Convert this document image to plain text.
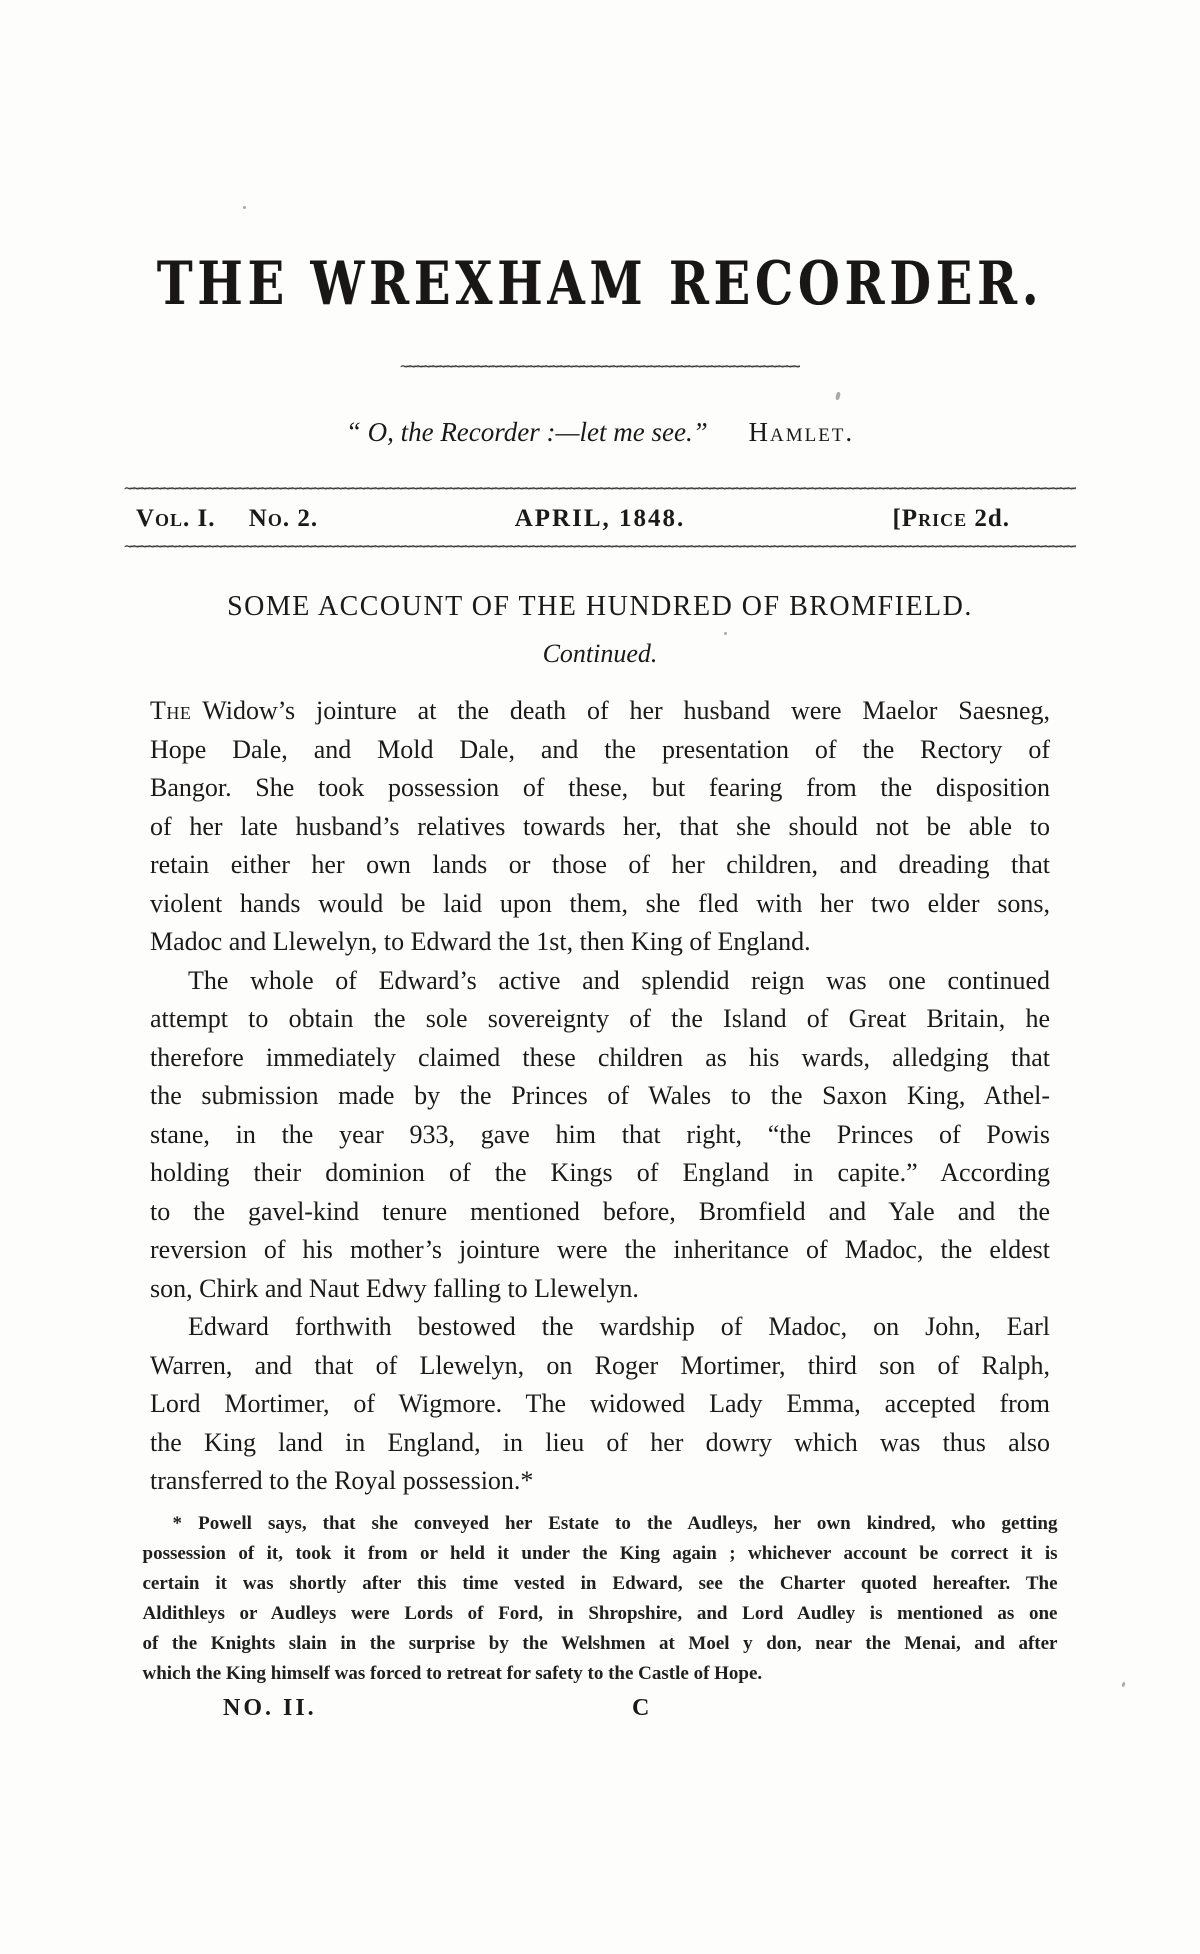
THE WREXHAM RECORDER.
~~~~~ ~~~~~
“ O, the Recorder :—let me see.” Hamlet.
~~~~~ ~~~~~
Vol. I. No. 2.	APRIL, 1848.	[Price 2d.
~~~~~ ~~~~~
SOME ACCOUNT OF THE HUNDRED OF BROMFIELD.
Continued.
The Widow’s jointure at the death of her husband were Maelor Saesneg,
Hope Dale, and Mold Dale, and the presentation of the Rectory of
Bangor. She took possession of these, but fearing from the disposition
of her late husband’s relatives towards her, that she should not be able to
retain either her own lands or those of her children, and dreading that
violent hands would be laid upon them, she fled with her two elder sons,
Madoc and Llewelyn, to Edward the 1st, then King of England.
The whole of Edward’s active and splendid reign was one continued
attempt to obtain the sole sovereignty of the Island of Great Britain, he
therefore immediately claimed these children as his wards, alledging that
the submission made by the Princes of Wales to the Saxon King, Athel-
stane, in the year 933, gave him that right, “the Princes of Powis
holding their dominion of the Kings of England in capite.” According
to the gavel-kind tenure mentioned before, Bromfield and Yale and the
reversion of his mother’s jointure were the inheritance of Madoc, the eldest
son, Chirk and Naut Edwy falling to Llewelyn.
Edward forthwith bestowed the wardship of Madoc, on John, Earl
Warren, and that of Llewelyn, on Roger Mortimer, third son of Ralph,
Lord Mortimer, of Wigmore. The widowed Lady Emma, accepted from
the King land in England, in lieu of her dowry which was thus also
transferred to the Royal possession.*
* Powell says, that she conveyed her Estate to the Audleys, her own kindred, who getting
possession of it, took it from or held it under the King again ; whichever account be correct it is
certain it was shortly after this time vested in Edward, see the Charter quoted hereafter. The
Aldithleys or Audleys were Lords of Ford, in Shropshire, and Lord Audley is mentioned as one
of the Knights slain in the surprise by the Welshmen at Moel y don, near the Menai, and after
which the King himself was forced to retreat for safety to the Castle of Hope.
NO. II.	C
